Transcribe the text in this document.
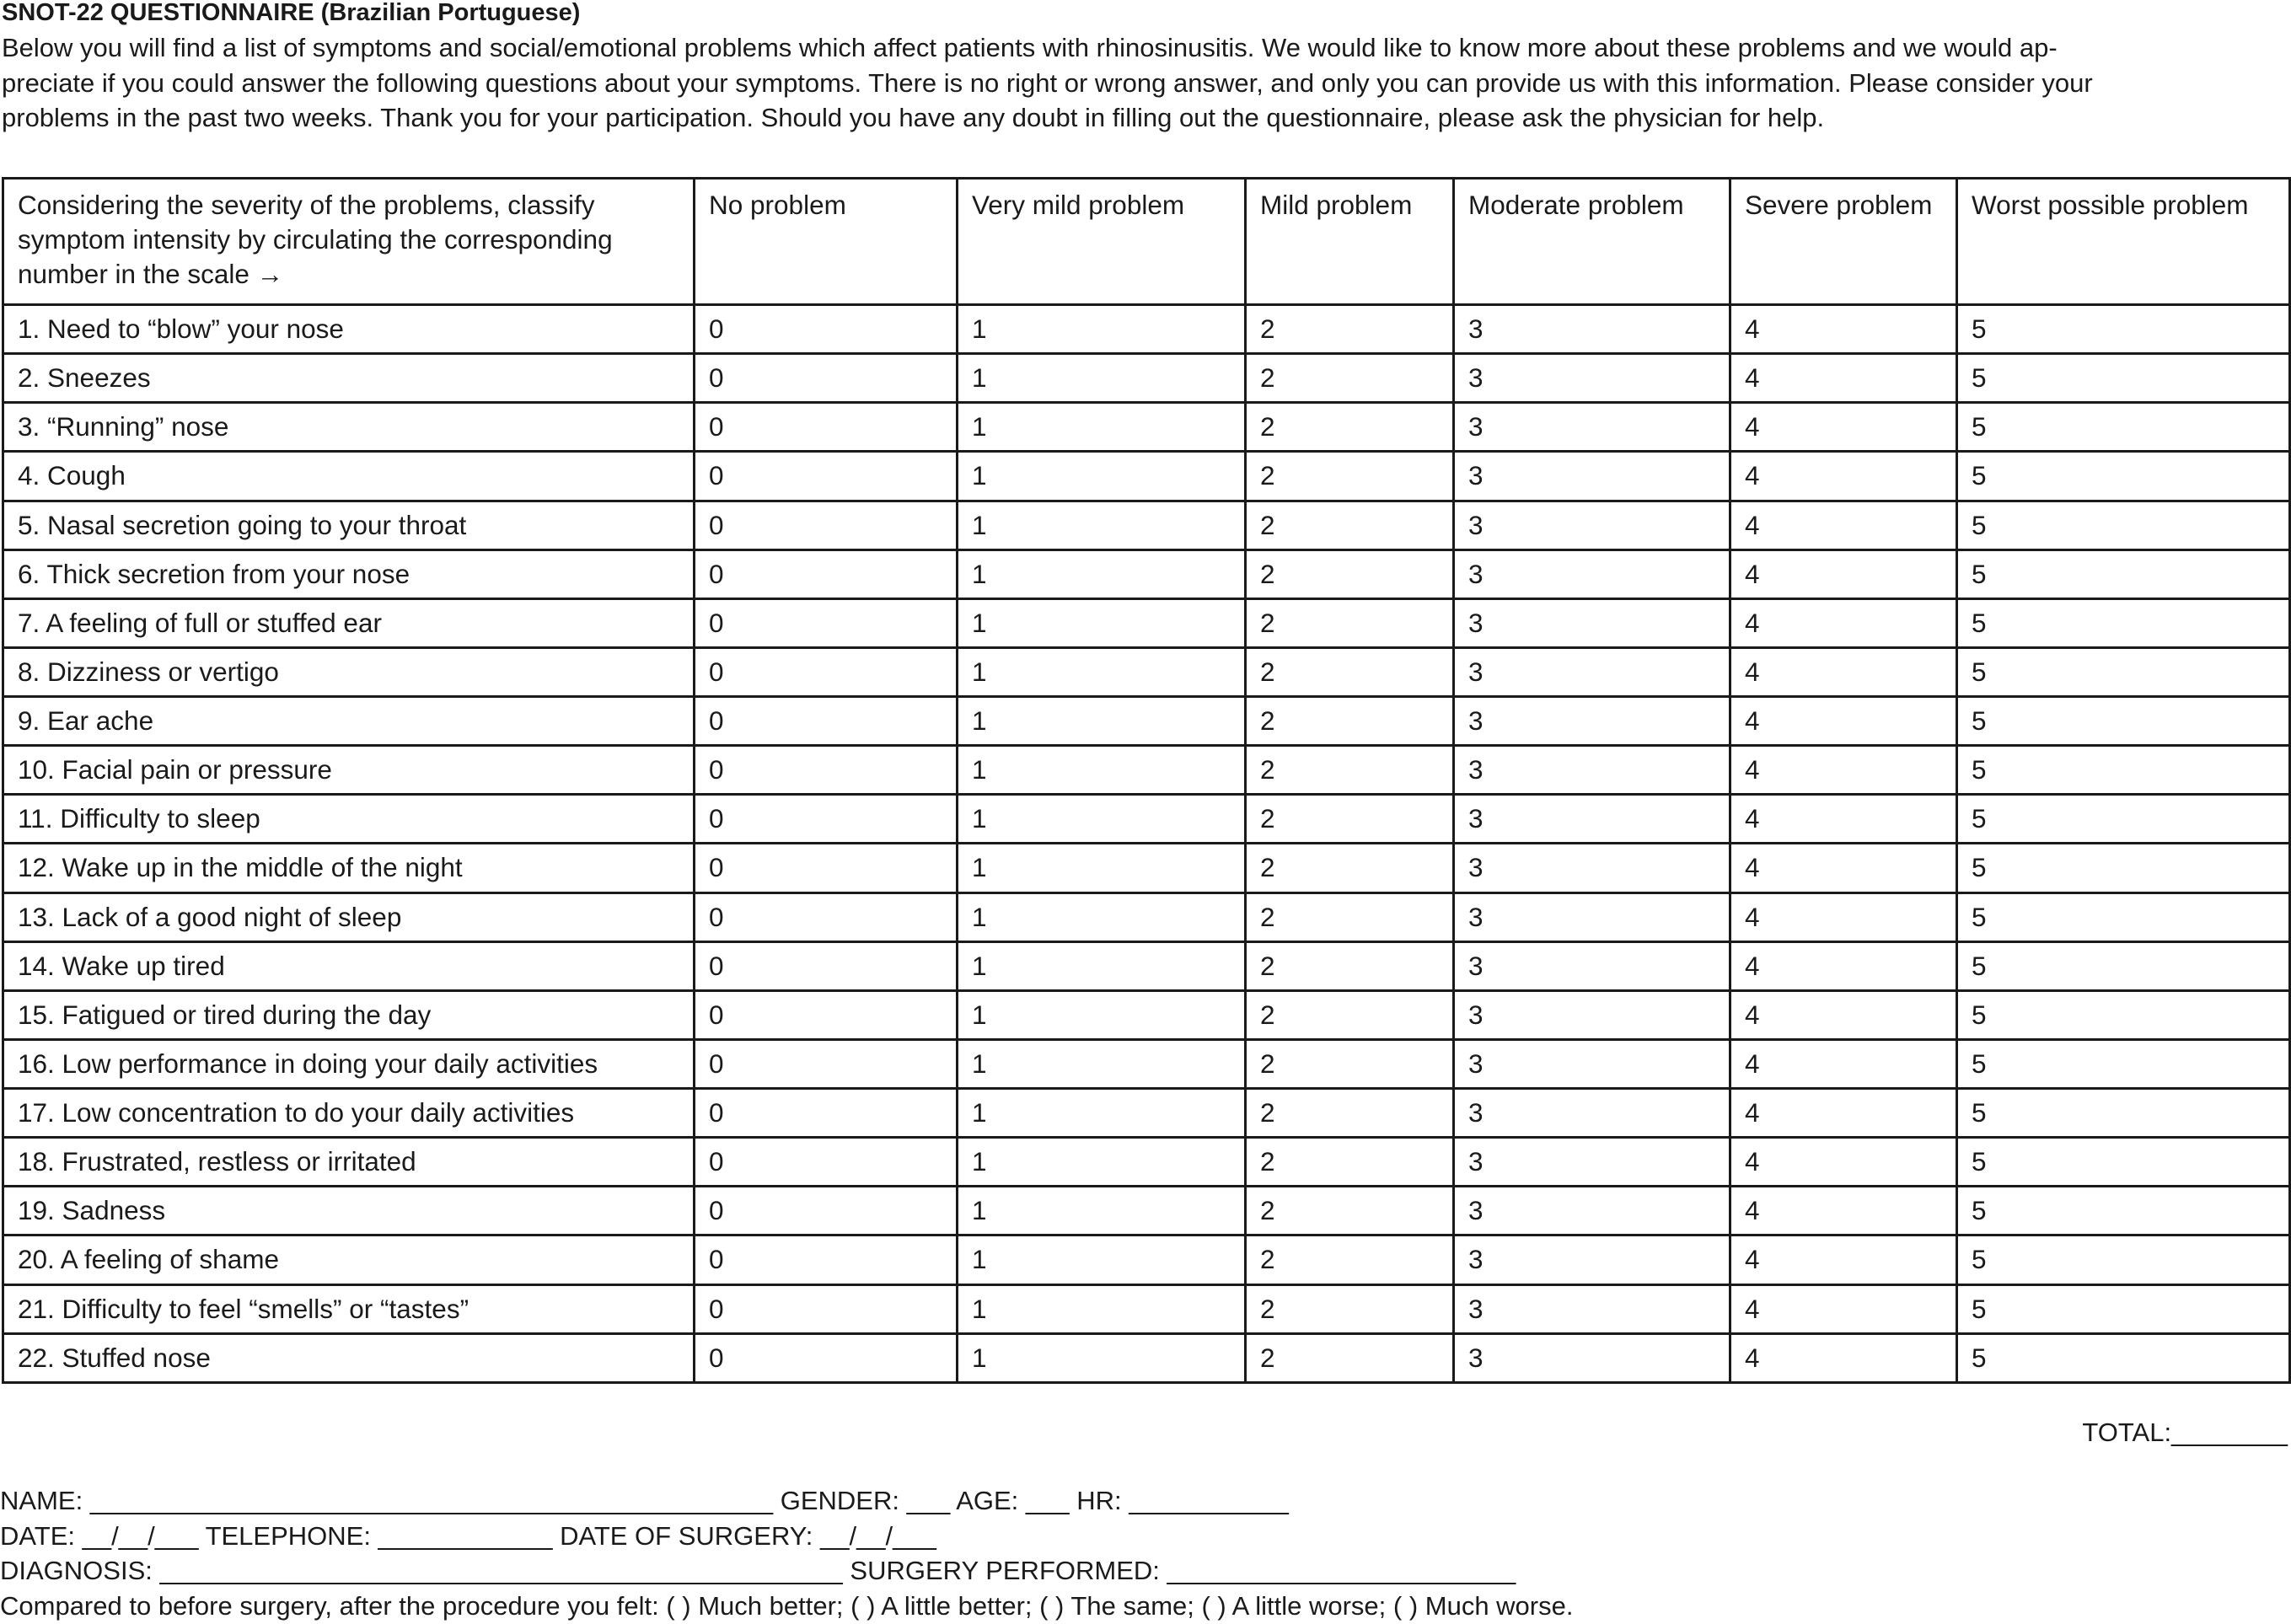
SNOT-22 QUESTIONNAIRE (Brazilian Portuguese)
Below you will find a list of symptoms and social/emotional problems which affect patients with rhinosinusitis. We would like to know more about these problems and we would ap-
preciate if you could answer the following questions about your symptoms. There is no right or wrong answer, and only you can provide us with this information. Please consider your
problems in the past two weeks. Thank you for your participation. Should you have any doubt in filling out the questionnaire, please ask the physician for help.
Considering the severity of the problems, classify symptom intensity by circulating the corresponding number in the scale →	No problem	Very mild problem	Mild problem	Moderate problem	Severe problem	Worst possible problem
1. Need to “blow” your nose	0	1	2	3	4	5
2. Sneezes	0	1	2	3	4	5
3. “Running” nose	0	1	2	3	4	5
4. Cough	0	1	2	3	4	5
5. Nasal secretion going to your throat	0	1	2	3	4	5
6. Thick secretion from your nose	0	1	2	3	4	5
7. A feeling of full or stuffed ear	0	1	2	3	4	5
8. Dizziness or vertigo	0	1	2	3	4	5
9. Ear ache	0	1	2	3	4	5
10. Facial pain or pressure	0	1	2	3	4	5
11. Difficulty to sleep	0	1	2	3	4	5
12. Wake up in the middle of the night	0	1	2	3	4	5
13. Lack of a good night of sleep	0	1	2	3	4	5
14. Wake up tired	0	1	2	3	4	5
15. Fatigued or tired during the day	0	1	2	3	4	5
16. Low performance in doing your daily activities	0	1	2	3	4	5
17. Low concentration to do your daily activities	0	1	2	3	4	5
18. Frustrated, restless or irritated	0	1	2	3	4	5
19. Sadness	0	1	2	3	4	5
20. A feeling of shame	0	1	2	3	4	5
21. Difficulty to feel “smells” or “tastes”	0	1	2	3	4	5
22. Stuffed nose	0	1	2	3	4	5
TOTAL:________
NAME: _______________________________________________ GENDER: ___ AGE: ___ HR: ___________
DATE: __/__/___ TELEPHONE: ____________ DATE OF SURGERY: __/__/___
DIAGNOSIS: _______________________________________________ SURGERY PERFORMED: ________________________
Compared to before surgery, after the procedure you felt: ( ) Much better; ( ) A little better; ( ) The same; ( ) A little worse; ( ) Much worse.
